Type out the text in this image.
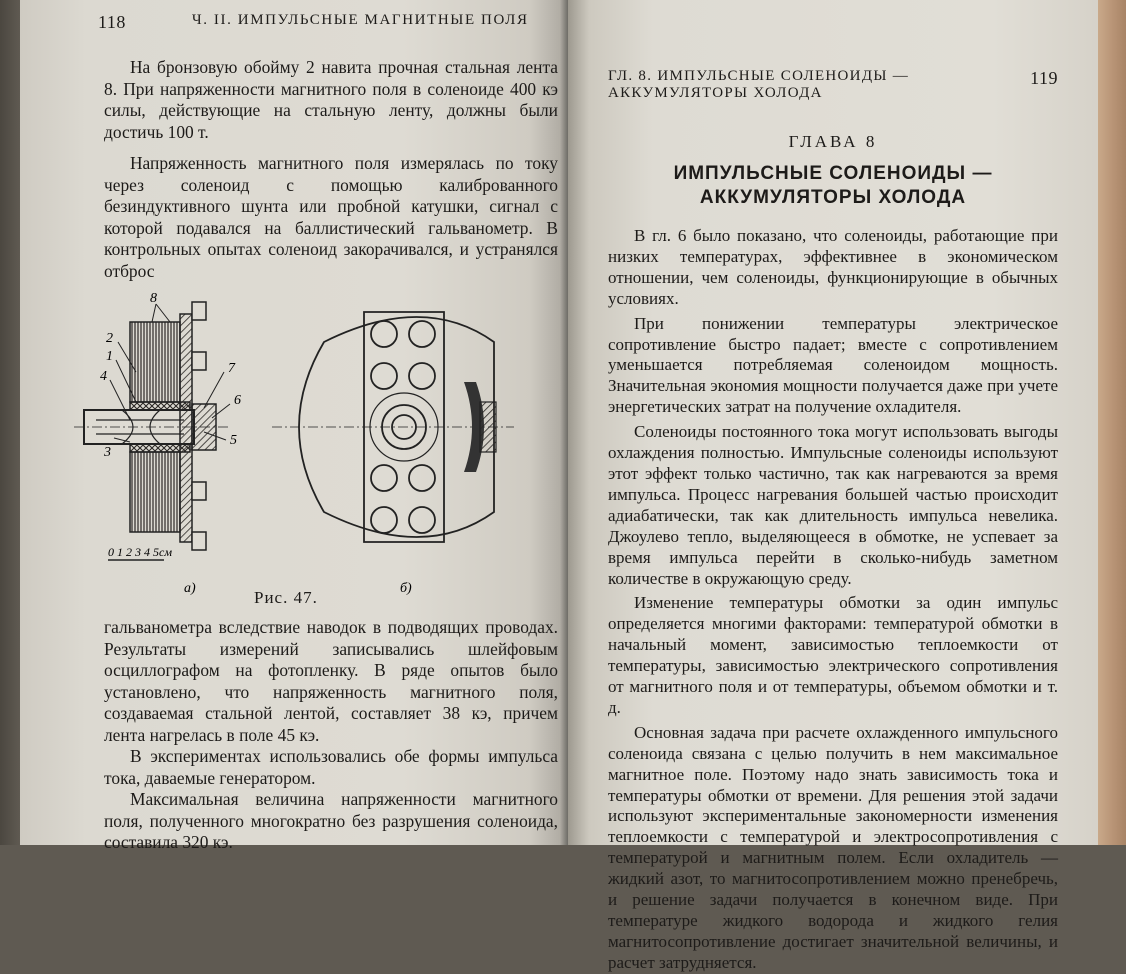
118	Ч. II. ИМПУЛЬСНЫЕ МАГНИТНЫЕ ПОЛЯ

На бронзовую обойму 2 навита прочная стальная лента 8. При напряженности магнитного поля в соленоиде 400 кэ силы, действующие на стальную ленту, должны были достичь 100 т.

Напряженность магнитного поля измерялась по току через соленоид с помощью калиброванного безиндуктивного шунта или пробной катушки, сигнал с которой подавался на баллистический гальванометр. В контрольных опытах соленоид закорачивался, и устранялся отброс

8
2
1
4
3
7
6
5
0 1 2 3 4 5см
а)	б)
Рис. 47.

гальванометра вследствие наводок в подводящих проводах. Результаты измерений записывались шлейфовым осциллографом на фотопленку. В ряде опытов было установлено, что напряженность магнитного поля, создаваемая стальной лентой, составляет 38 кэ, причем лента нагрелась в поле 45 кэ.

В экспериментах использовались обе формы импульса тока, даваемые генератором.

Максимальная величина напряженности магнитного поля, полученного многократно без разрушения соленоида, составила 320 кэ.

ГЛ. 8. ИМПУЛЬСНЫЕ СОЛЕНОИДЫ — АККУМУЛЯТОРЫ ХОЛОДА
119
ГЛАВА 8
ИМПУЛЬСНЫЕ СОЛЕНОИДЫ — АККУМУЛЯТОРЫ ХОЛОДА

В гл. 6 было показано, что соленоиды, работающие при низких температурах, эффективнее в экономическом отношении, чем соленоиды, функционирующие в обычных условиях.

При понижении температуры электрическое сопротивление быстро падает; вместе с сопротивлением уменьшается потребляемая соленоидом мощность. Значительная экономия мощности получается даже при учете энергетических затрат на получение охладителя.

Соленоиды постоянного тока могут использовать выгоды охлаждения полностью. Импульсные соленоиды используют этот эффект только частично, так как нагреваются за время импульса. Процесс нагревания большей частью происходит адиабатически, так как длительность импульса невелика. Джоулево тепло, выделяющееся в обмотке, не успевает за время импульса перейти в сколько-нибудь заметном количестве в окружающую среду.

Изменение температуры обмотки за один импульс определяется многими факторами: температурой обмотки в начальный момент, зависимостью теплоемкости от температуры, зависимостью электрического сопротивления от магнитного поля и от температуры, объемом обмотки и т. д.

Основная задача при расчете охлажденного импульсного соленоида связана с целью получить в нем максимальное магнитное поле. Поэтому надо знать зависимость тока и температуры обмотки от времени. Для решения этой задачи используют экспериментальные закономерности изменения теплоемкости с температурой и электросопротивления с температурой и магнитным полем. Если охладитель — жидкий азот, то магнитосопротивлением можно пренебречь, и решение задачи получается в конечном виде. При температуре жидкого водорода и жидкого гелия магнитосопротивление достигает значительной величины, и расчет затрудняется.
